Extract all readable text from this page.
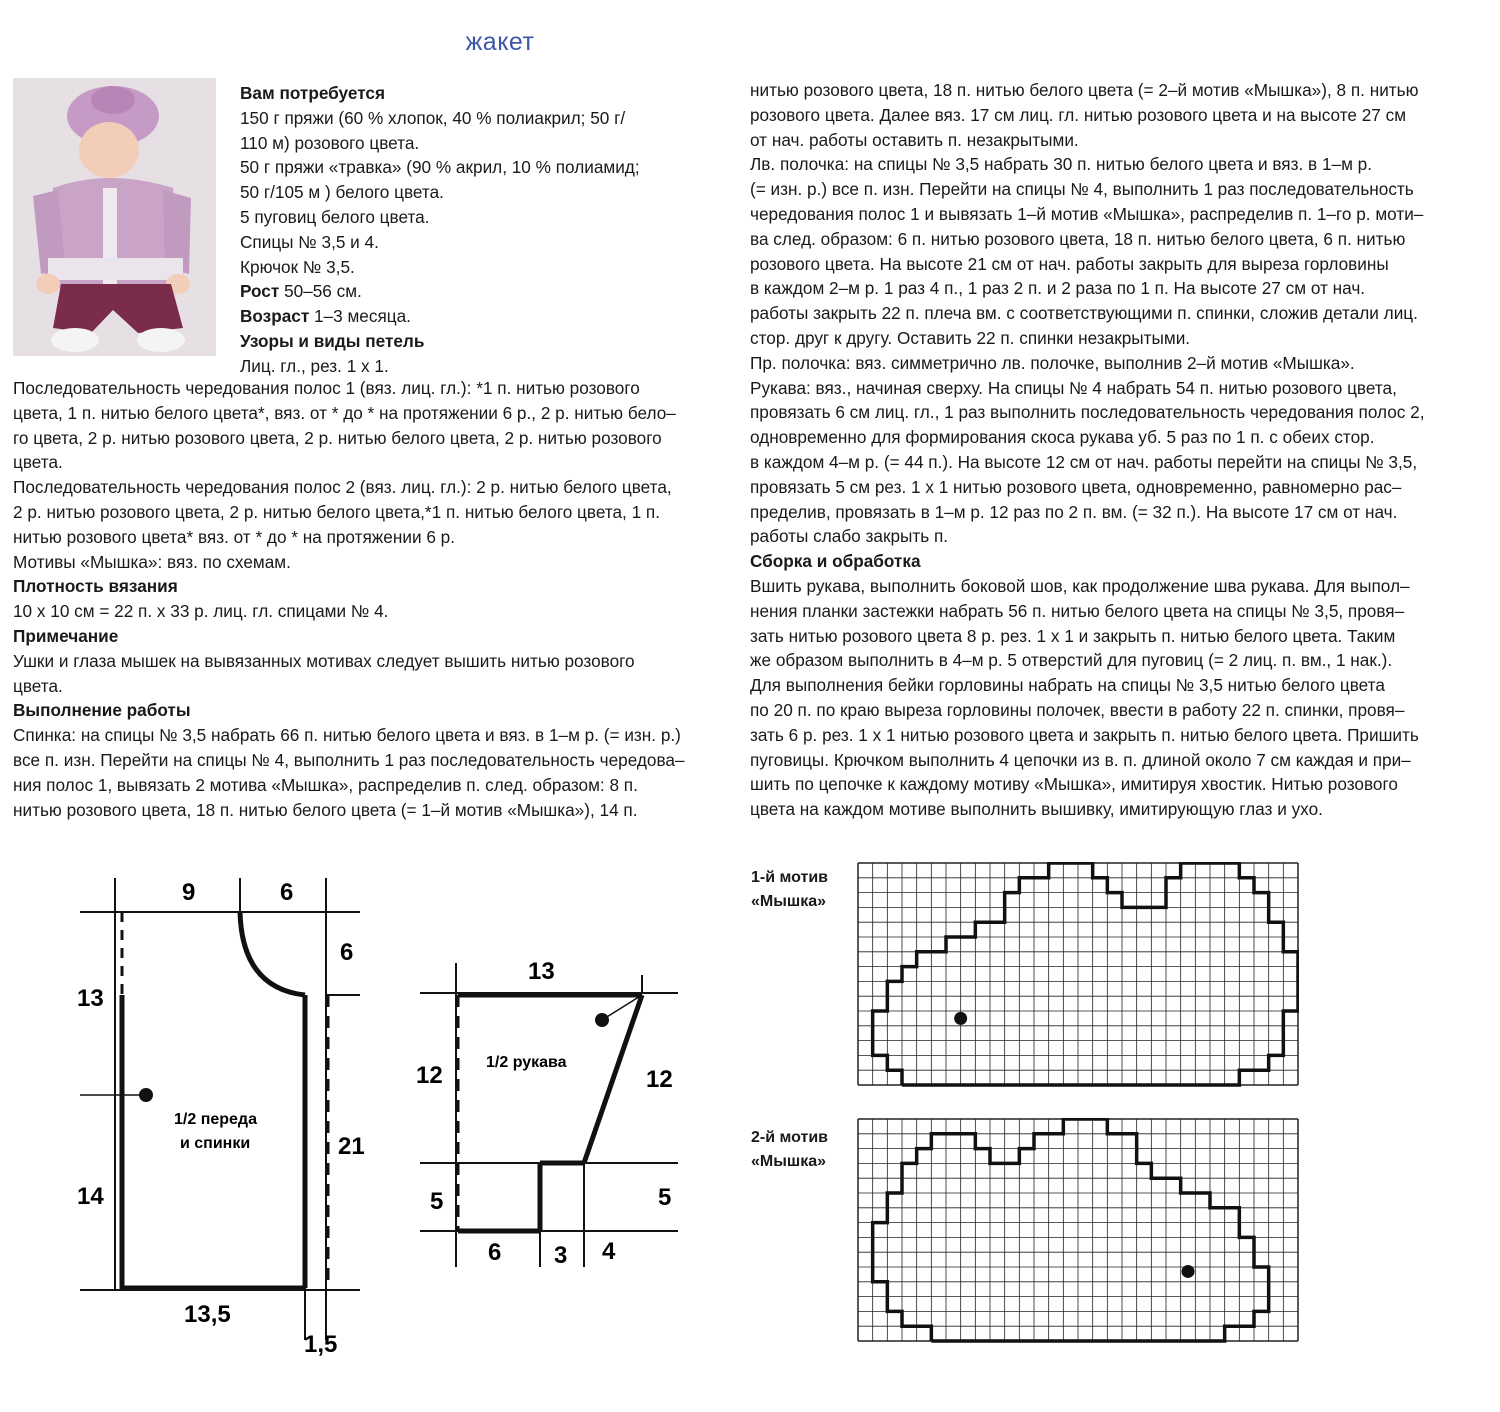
жакет
Вам потребуется
150 г пряжи (60 % хлопок, 40 % полиакрил; 50 г/
110 м) розового цвета.
50 г пряжи «травка» (90 % акрил, 10 % полиамид;
50 г/105 м ) белого цвета.
5 пуговиц белого цвета.
Спицы № 3,5 и 4.
Крючок № 3,5.
Рост 50–56 см.
Возраст 1–3 месяца.
Узоры и виды петель
Лиц. гл., рез. 1 х 1.
Последовательность чередования полос 1 (вяз. лиц. гл.): *1 п. нитью розового
цвета, 1 п. нитью белого цвета*, вяз. от * до * на протяжении 6 р., 2 р. нитью бело–
го цвета, 2 р. нитью розового цвета, 2 р. нитью белого цвета, 2 р. нитью розового
цвета.
Последовательность чередования полос 2 (вяз. лиц. гл.): 2 р. нитью белого цвета,
2 р. нитью розового цвета, 2 р. нитью белого цвета,*1 п. нитью белого цвета, 1 п.
нитью розового цвета* вяз. от * до * на протяжении 6 р.
Мотивы «Мышка»: вяз. по схемам.
Плотность вязания
10 х 10 см = 22 п. х 33 р. лиц. гл. спицами № 4.
Примечание
Ушки и глаза мышек на вывязанных мотивах следует вышить нитью розового
цвета.
Выполнение работы
Спинка: на спицы № 3,5 набрать 66 п. нитью белого цвета и вяз. в 1–м р. (= изн. р.)
все п. изн. Перейти на спицы № 4, выполнить 1 раз последовательность чередова–
ния полос 1, вывязать 2 мотива «Мышка», распределив п. след. образом: 8 п.
нитью розового цвета, 18 п. нитью белого цвета (= 1–й мотив «Мышка»), 14 п.
нитью розового цвета, 18 п. нитью белого цвета (= 2–й мотив «Мышка»), 8 п. нитью
розового цвета. Далее вяз. 17 см лиц. гл. нитью розового цвета и на высоте 27 см
от нач. работы оставить п. незакрытыми.
Лв. полочка: на спицы № 3,5 набрать 30 п. нитью белого цвета и вяз. в 1–м р.
(= изн. р.) все п. изн. Перейти на спицы № 4, выполнить 1 раз последовательность
чередования полос 1 и вывязать 1–й мотив «Мышка», распределив п. 1–го р. моти–
ва след. образом: 6 п. нитью розового цвета, 18 п. нитью белого цвета, 6 п. нитью
розового цвета. На высоте 21 см от нач. работы закрыть для выреза горловины
в каждом 2–м р. 1 раз 4 п., 1 раз 2 п. и 2 раза по 1 п. На высоте 27 см от нач.
работы закрыть 22 п. плеча вм. с соответствующими п. спинки, сложив детали лиц.
стор. друг к другу. Оставить 22 п. спинки незакрытыми.
Пр. полочка: вяз. симметрично лв. полочке, выполнив 2–й мотив «Мышка».
Рукава: вяз., начиная сверху. На спицы № 4 набрать 54 п. нитью розового цвета,
провязать 6 см лиц. гл., 1 раз выполнить последовательность чередования полос 2,
одновременно для формирования скоса рукава уб. 5 раз по 1 п. с обеих стор.
в каждом 4–м р. (= 44 п.). На высоте 12 см от нач. работы перейти на спицы № 3,5,
провязать 5 см рез. 1 х 1 нитью розового цвета, одновременно, равномерно рас–
пределив, провязать в 1–м р. 12 раз по 2 п. вм. (= 32 п.). На высоте 17 см от нач.
работы слабо закрыть п.
Сборка и обработка
Вшить рукава, выполнить боковой шов, как продолжение шва рукава. Для выпол–
нения планки застежки набрать 56 п. нитью белого цвета на спицы № 3,5, провя–
зать нитью розового цвета 8 р. рез. 1 х 1 и закрыть п. нитью белого цвета. Таким
же образом выполнить в 4–м р. 5 отверстий для пуговиц (= 2 лиц. п. вм., 1 нак.).
Для выполнения бейки горловины набрать на спицы № 3,5 нитью белого цвета
по 20 п. по краю выреза горловины полочек, ввести в работу 22 п. спинки, провя–
зать 6 р. рез. 1 х 1 нитью розового цвета и закрыть п. нитью белого цвета. Пришить
пуговицы. Крючком выполнить 4 цепочки из в. п. длиной около 7 см каждая и при–
шить по цепочке к каждому мотиву «Мышка», имитируя хвостик. Нитью розового
цвета на каждом мотиве выполнить вышивку, имитирующую глаз и ухо.
9	6
6
13
14
21
13,5
1,5
1/2 переда
и спинки
13
12	12
5	5
6 3 4
1/2 рукава
1-й мотив
«Мышка»
2-й мотив
«Мышка»
